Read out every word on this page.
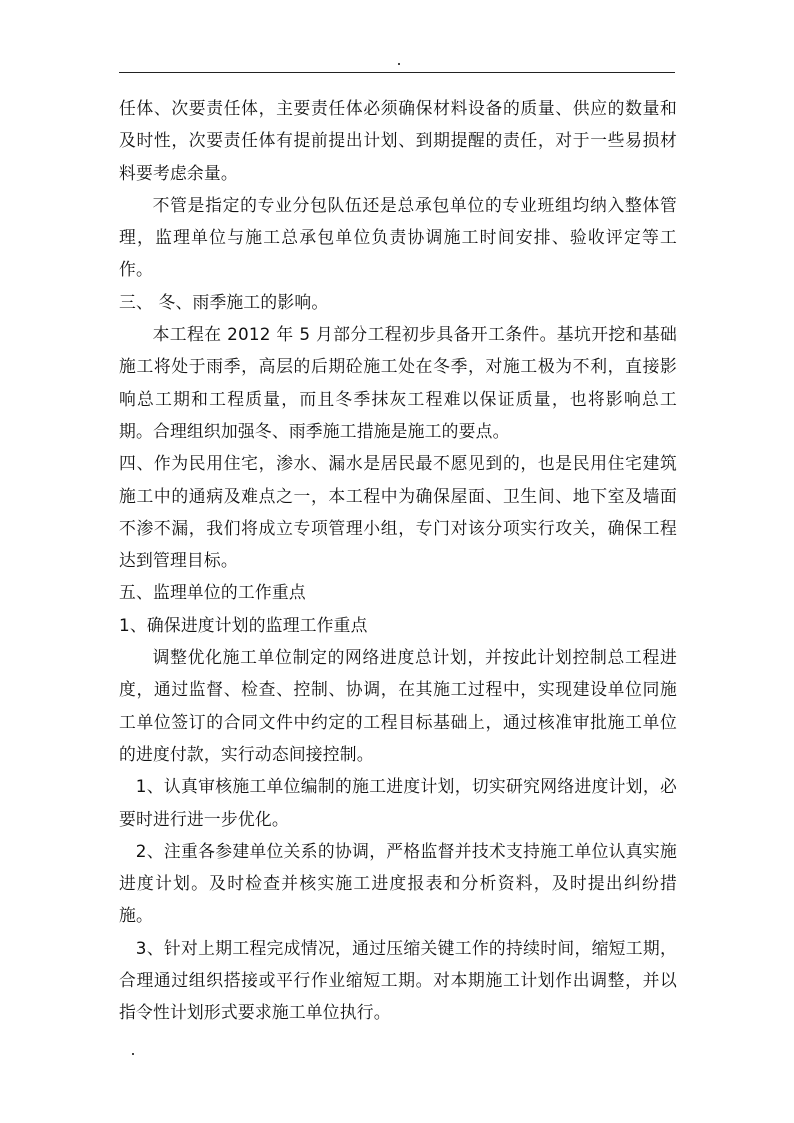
任体、次要责任体，主要责任体必须确保材料设备的质量、供应的数量和及时性，次要责任体有提前提出计划、到期提醒的责任，对于一些易损材料要考虑余量。

不管是指定的专业分包队伍还是总承包单位的专业班组均纳入整体管理，监理单位与施工总承包单位负责协调施工时间安排、验收评定等工作。

三、 冬、雨季施工的影响。

本工程在 2012 年 5 月部分工程初步具备开工条件。基坑开挖和基础施工将处于雨季，高层的后期砼施工处在冬季，对施工极为不利，直接影响总工期和工程质量，而且冬季抹灰工程难以保证质量，也将影响总工期。合理组织加强冬、雨季施工措施是施工的要点。

四、作为民用住宅，渗水、漏水是居民最不愿见到的，也是民用住宅建筑施工中的通病及难点之一，本工程中为确保屋面、卫生间、地下室及墙面不渗不漏，我们将成立专项管理小组，专门对该分项实行攻关，确保工程达到管理目标。

五、监理单位的工作重点

1、确保进度计划的监理工作重点

调整优化施工单位制定的网络进度总计划，并按此计划控制总工程进度，通过监督、检查、控制、协调，在其施工过程中，实现建设单位同施工单位签订的合同文件中约定的工程目标基础上，通过核准审批施工单位的进度付款，实行动态间接控制。

1、认真审核施工单位编制的施工进度计划，切实研究网络进度计划，必要时进行进一步优化。

2、注重各参建单位关系的协调，严格监督并技术支持施工单位认真实施进度计划。及时检查并核实施工进度报表和分析资料，及时提出纠纷措施。

3、针对上期工程完成情况，通过压缩关键工作的持续时间，缩短工期，合理通过组织搭接或平行作业缩短工期。对本期施工计划作出调整，并以指令性计划形式要求施工单位执行。
